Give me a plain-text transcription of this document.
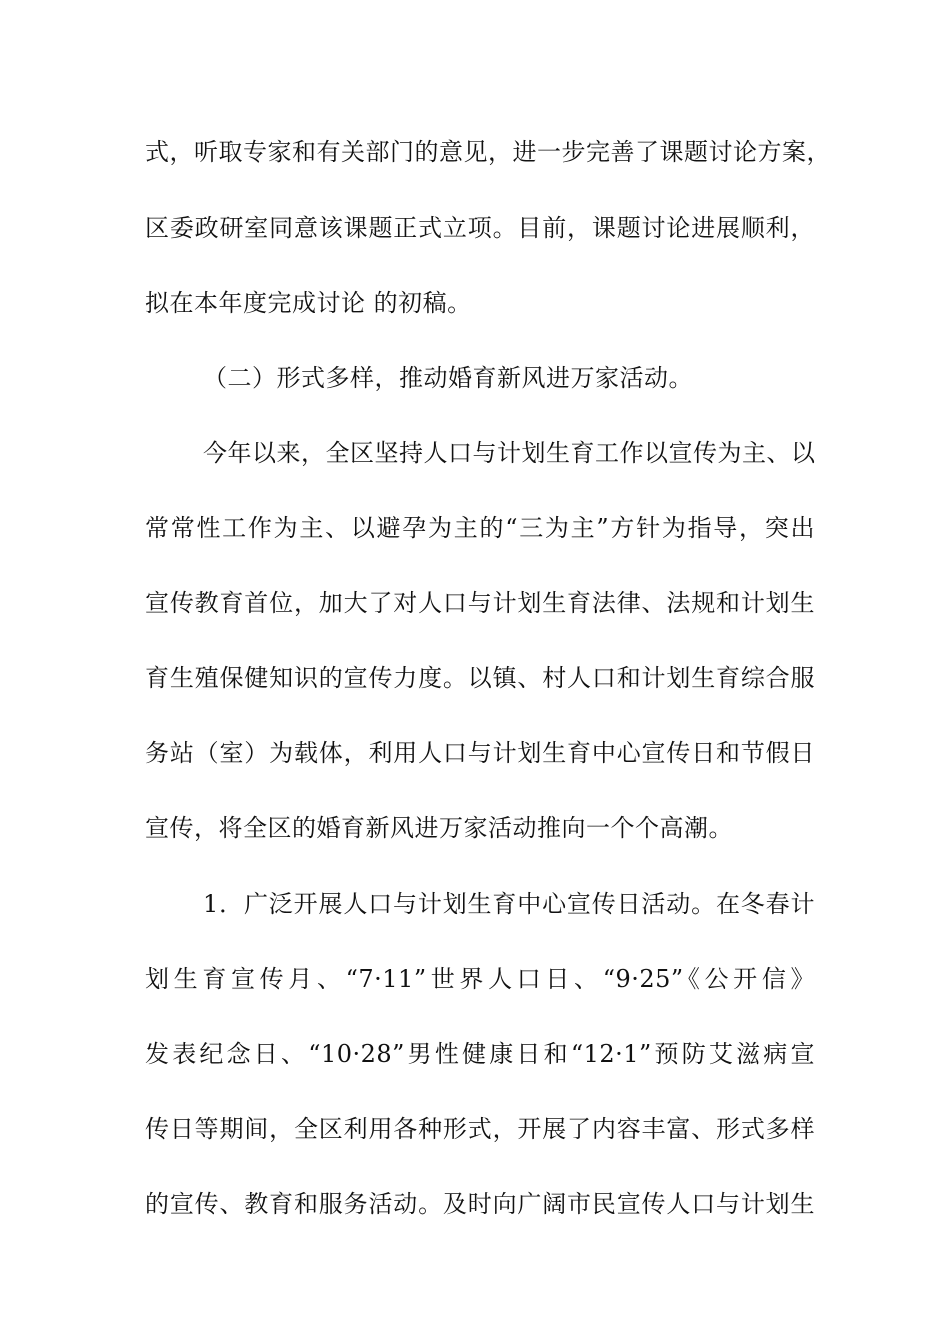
式，听取专家和有关部门的意见，进一步完善了课题讨论方案，
区委政研室同意该课题正式立项。目前，课题讨论进展顺利，
拟在本年度完成讨论 的初稿。
（二）形式多样，推动婚育新风进万家活动。
今年以来，全区坚持人口与计划生育工作以宣传为主、以
常常性工作为主、以避孕为主的“三为主”方针为指导，突出
宣传教育首位，加大了对人口与计划生育法律、法规和计划生
育生殖保健知识的宣传力度。以镇、村人口和计划生育综合服
务站（室）为载体，利用人口与计划生育中心宣传日和节假日
宣传，将全区的婚育新风进万家活动推向一个个高潮。
1．广泛开展人口与计划生育中心宣传日活动。在冬春计
划生育宣传月、“7·11”世界人口日、“9·25”《公开信》
发表纪念日、“10·28”男性健康日和“12·1”预防艾滋病宣
传日等期间，全区利用各种形式，开展了内容丰富、形式多样
的宣传、教育和服务活动。及时向广阔市民宣传人口与计划生
